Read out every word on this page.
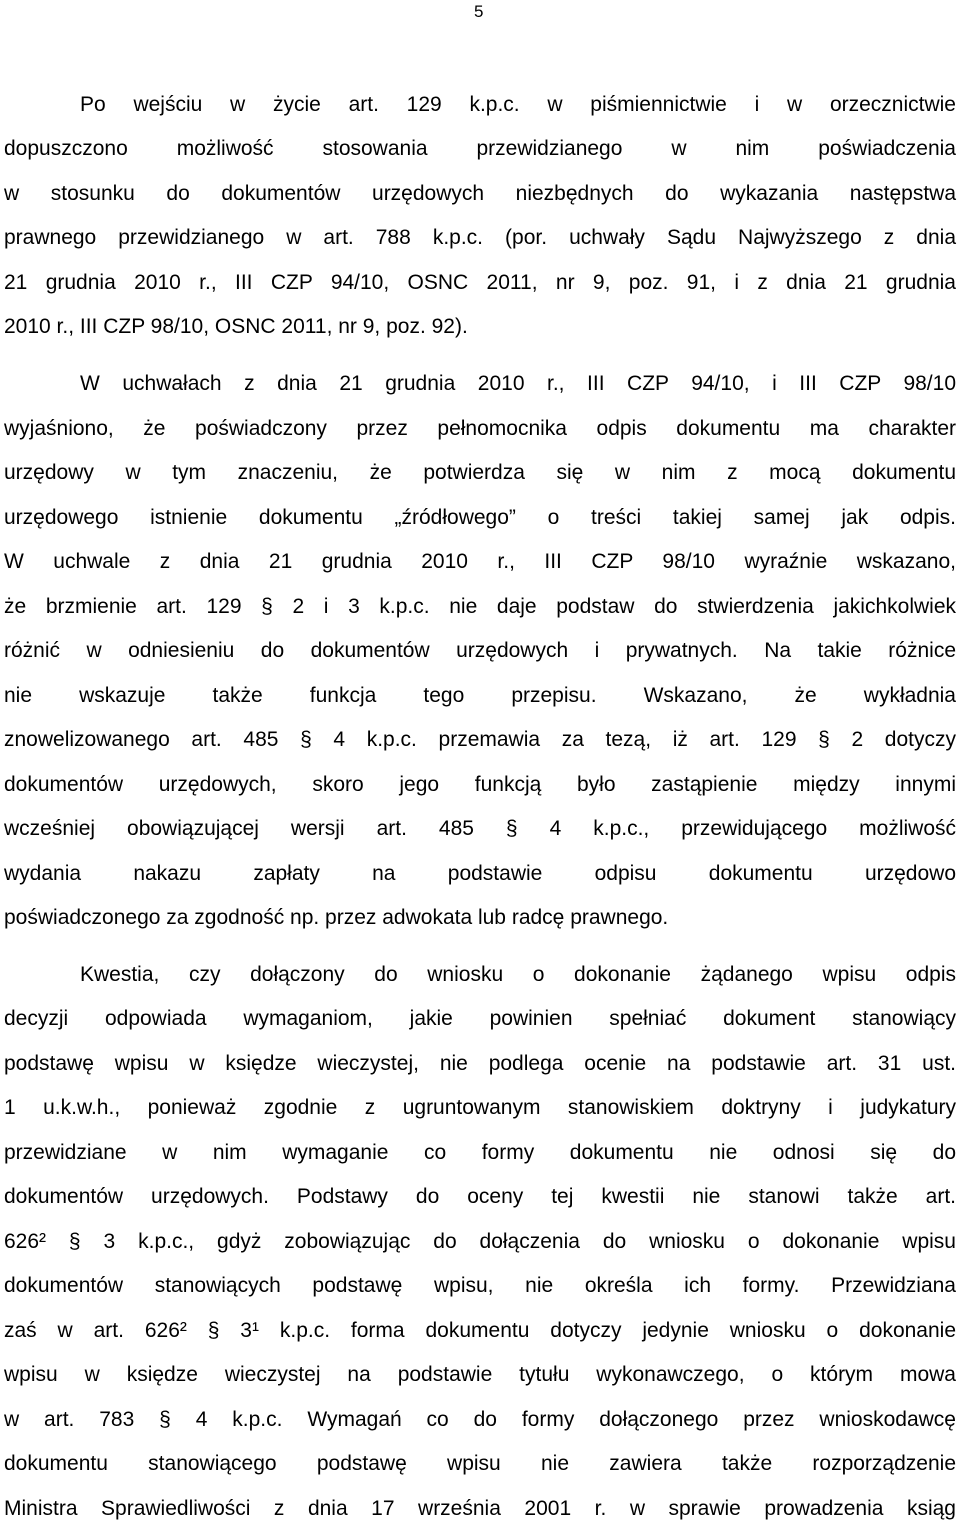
5
Po wejściu w życie art. 129 k.p.c. w piśmiennictwie i w orzecznictwie
dopuszczono możliwość stosowania przewidzianego w nim poświadczenia
w stosunku do dokumentów urzędowych niezbędnych do wykazania następstwa
prawnego przewidzianego w art. 788 k.p.c. (por. uchwały Sądu Najwyższego z dnia
21 grudnia 2010 r., III CZP 94/10, OSNC 2011, nr 9, poz. 91, i z dnia 21 grudnia
2010 r., III CZP 98/10, OSNC 2011, nr 9, poz. 92).
W uchwałach z dnia 21 grudnia 2010 r., III CZP 94/10, i III CZP 98/10
wyjaśniono, że poświadczony przez pełnomocnika odpis dokumentu ma charakter
urzędowy w tym znaczeniu, że potwierdza się w nim z mocą dokumentu
urzędowego istnienie dokumentu „źródłowego” o treści takiej samej jak odpis.
W uchwale z dnia 21 grudnia 2010 r., III CZP 98/10 wyraźnie wskazano,
że brzmienie art. 129 § 2 i 3 k.p.c. nie daje podstaw do stwierdzenia jakichkolwiek
różnić w odniesieniu do dokumentów urzędowych i prywatnych. Na takie różnice
nie wskazuje także funkcja tego przepisu. Wskazano, że wykładnia
znowelizowanego art. 485 § 4 k.p.c. przemawia za tezą, iż art. 129 § 2 dotyczy
dokumentów urzędowych, skoro jego funkcją było zastąpienie między innymi
wcześniej obowiązującej wersji art. 485 § 4 k.p.c., przewidującego możliwość
wydania nakazu zapłaty na podstawie odpisu dokumentu urzędowo
poświadczonego za zgodność np. przez adwokata lub radcę prawnego.
Kwestia, czy dołączony do wniosku o dokonanie żądanego wpisu odpis
decyzji odpowiada wymaganiom, jakie powinien spełniać dokument stanowiący
podstawę wpisu w księdze wieczystej, nie podlega ocenie na podstawie art. 31 ust.
1 u.k.w.h., ponieważ zgodnie z ugruntowanym stanowiskiem doktryny i judykatury
przewidziane w nim wymaganie co formy dokumentu nie odnosi się do
dokumentów urzędowych. Podstawy do oceny tej kwestii nie stanowi także art.
626² § 3 k.p.c., gdyż zobowiązując do dołączenia do wniosku o dokonanie wpisu
dokumentów stanowiących podstawę wpisu, nie określa ich formy. Przewidziana
zaś w art. 626² § 3¹ k.p.c. forma dokumentu dotyczy jedynie wniosku o dokonanie
wpisu w księdze wieczystej na podstawie tytułu wykonawczego, o którym mowa
w art. 783 § 4 k.p.c. Wymagań co do formy dołączonego przez wnioskodawcę
dokumentu stanowiącego podstawę wpisu nie zawiera także rozporządzenie
Ministra Sprawiedliwości z dnia 17 września 2001 r. w sprawie prowadzenia ksiąg
